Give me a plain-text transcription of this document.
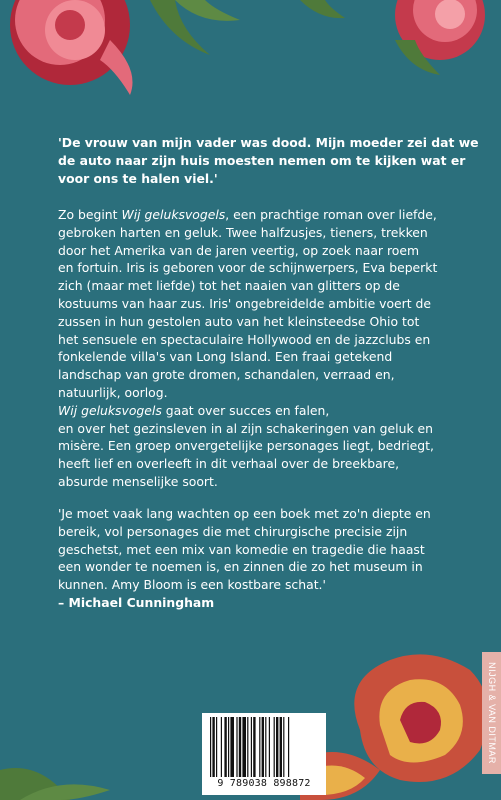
'De vrouw van mijn vader was dood. Mijn moeder zei dat we
de auto naar zijn huis moesten nemen om te kijken wat er
voor ons te halen viel.'
Zo begint Wij geluksvogels, een prachtige roman over liefde,
gebroken harten en geluk. Twee halfzusjes, tieners, trekken
door het Amerika van de jaren veertig, op zoek naar roem
en fortuin. Iris is geboren voor de schijnwerpers, Eva beperkt
zich (maar met liefde) tot het naaien van glitters op de
kostuums van haar zus. Iris' ongebreidelde ambitie voert de
zussen in hun gestolen auto van het kleinsteedse Ohio tot
het sensuele en spectaculaire Hollywood en de jazzclubs en
fonkelende villa's van Long Island. Een fraai getekend
landschap van grote dromen, schandalen, verraad en,
natuurlijk, oorlog.
Wij geluksvogels gaat over succes en falen,
en over het gezinsleven in al zijn schakeringen van geluk en
misère. Een groep onvergetelijke personages liegt, bedriegt,
heeft lief en overleeft in dit verhaal over de breekbare,
absurde menselijke soort.
'Je moet vaak lang wachten op een boek met zo'n diepte en
bereik, vol personages die met chirurgische precisie zijn
geschetst, met een mix van komedie en tragedie die haast
een wonder te noemen is, en zinnen die zo het museum in
kunnen. Amy Bloom is een kostbare schat.'
– Michael Cunningham
NIJGH & VAN DITMAR
9 789038 898872
